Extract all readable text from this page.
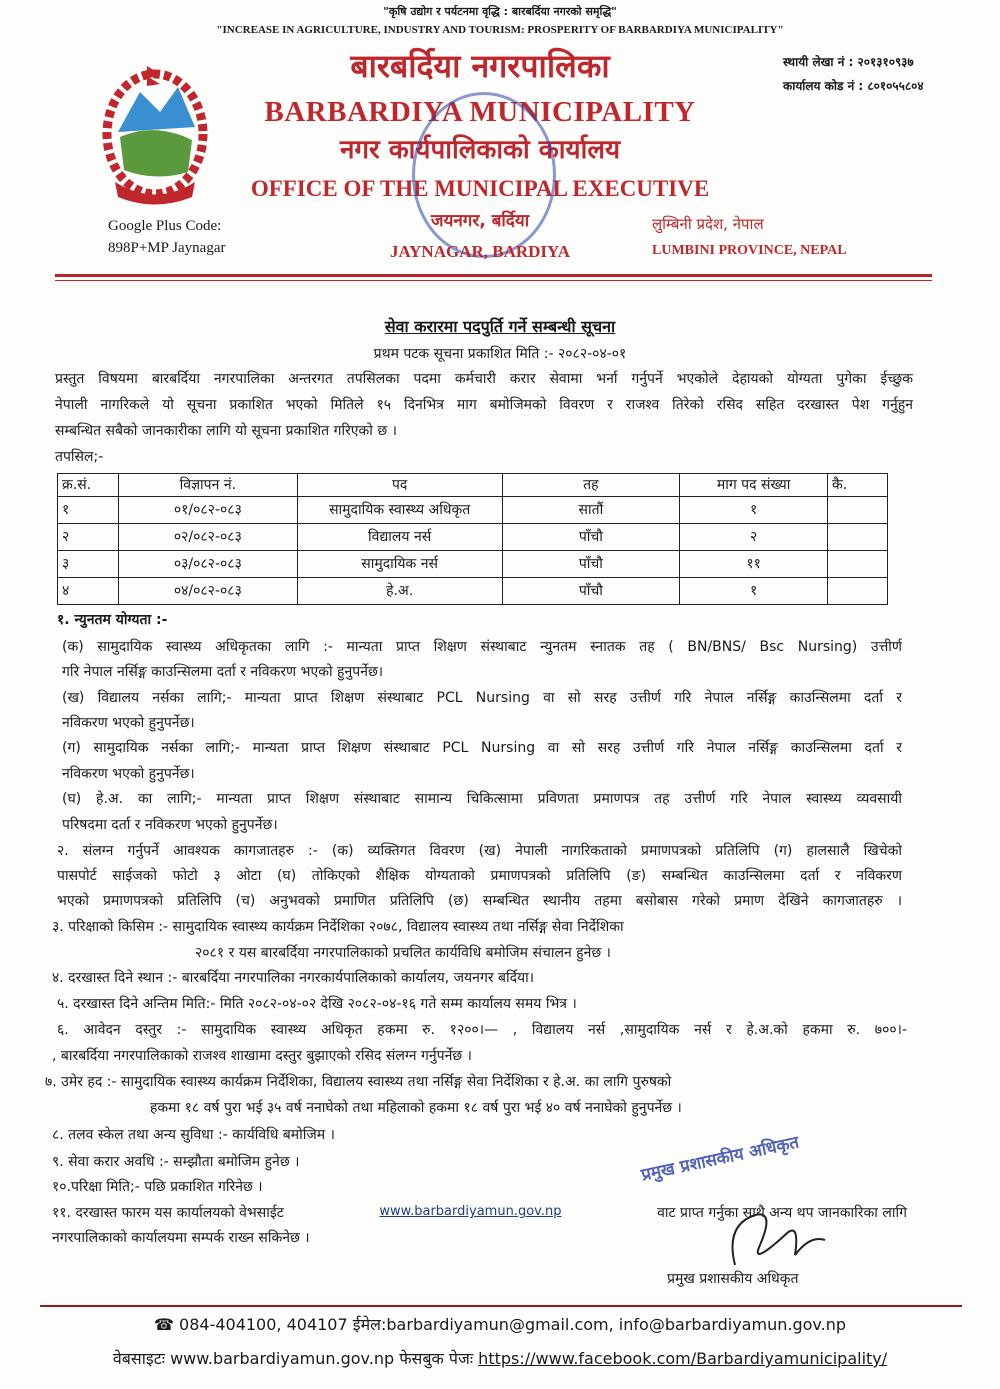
"कृषि उद्योग र पर्यटनमा वृद्धि : बारबर्दिया नगरको समृद्धि"
"INCREASE IN AGRICULTURE, INDUSTRY AND TOURISM: PROSPERITY OF BARBARDIYA MUNICIPALITY"
बारबर्दिया नगरपालिका
BARBARDIYA MUNICIPALITY
नगर कार्यपालिकाको कार्यालय
OFFICE OF THE MUNICIPAL EXECUTIVE
स्थायी लेखा नं : २०१३१०९३७
कार्यालय कोड नं : ८०१०५५८०४
Google Plus Code:
898P+MP Jaynagar
जयनगर, बर्दिया
JAYNAGAR, BARDIYA
लुम्बिनी प्रदेश, नेपाल
LUMBINI PROVINCE, NEPAL
सेवा करारमा पदपुर्ति गर्ने सम्बन्धी सूचना
प्रथम पटक सूचना प्रकाशित मिति :- २०८२-०४-०१
प्रस्तुत विषयमा बारबर्दिया नगरपालिका अन्तरगत तपसिलका पदमा कर्मचारी करार सेवामा भर्ना गर्नुपर्ने भएकोले देहायको योग्यता पुगेका ईच्छुक
नेपाली नागरिकले यो सूचना प्रकाशित भएको मितिले १५ दिनभित्र माग बमोजिमको विवरण र राजश्व तिरेको रसिद सहित दरखास्त पेश गर्नुहुन
सम्बन्धित सबैको जानकारीका लागि यो सूचना प्रकाशित गरिएको छ ।
तपसिल;-
क्र.सं.	विज्ञापन नं.	पद	तह	माग पद संख्या	कै.
१	०१/०८२-०८३	सामुदायिक स्वास्थ्य अधिकृत	सातौं	१	
२	०२/०८२-०८३	विद्यालय नर्स	पाँचौ	२	
३	०३/०८२-०८३	सामुदायिक नर्स	पाँचौ	११	
४	०४/०८२-०८३	हे.अ.	पाँचौ	१	
१. न्युनतम योग्यता :-
(क) सामुदायिक स्वास्थ्य अधिकृतका लागि :- मान्यता प्राप्त शिक्षण संस्थाबाट न्युनतम स्नातक तह ( BN/BNS/ Bsc Nursing) उत्तीर्ण
गरि नेपाल नर्सिङ्ग काउन्सिलमा दर्ता र नविकरण भएको हुनुपर्नेछ।
(ख) विद्यालय नर्सका लागि;- मान्यता प्राप्त शिक्षण संस्थाबाट PCL Nursing वा सो सरह उत्तीर्ण गरि नेपाल नर्सिङ्ग काउन्सिलमा दर्ता र
नविकरण भएको हुनुपर्नेछ।
(ग) सामुदायिक नर्सका लागि;- मान्यता प्राप्त शिक्षण संस्थाबाट PCL Nursing वा सो सरह उत्तीर्ण गरि नेपाल नर्सिङ्ग काउन्सिलमा दर्ता र
नविकरण भएको हुनुपर्नेछ।
(घ) हे.अ. का लागि;- मान्यता प्राप्त शिक्षण संस्थाबाट सामान्य चिकित्सामा प्रविणता प्रमाणपत्र तह उत्तीर्ण गरि नेपाल स्वास्थ्य व्यवसायी
परिषदमा दर्ता र नविकरण भएको हुनुपर्नेछ।
२. संलग्न गर्नुपर्ने आवश्यक कागजातहरु :- (क) व्यक्तिगत विवरण (ख) नेपाली नागरिकताको प्रमाणपत्रको प्रतिलिपि (ग) हालसालै खिचेको
पासपोर्ट साईजको फोटो ३ ओटा (घ) तोकिएको शैक्षिक योग्यताको प्रमाणपत्रको प्रतिलिपि (ङ) सम्बन्धित काउन्सिलमा दर्ता र नविकरण
भएको प्रमाणपत्रको प्रतिलिपि (च) अनुभवको प्रमाणित प्रतिलिपि (छ) सम्बन्धित स्थानीय तहमा बसोबास गरेको प्रमाण देखिने कागजातहरु ।
३. परिक्षाको किसिम :- सामुदायिक स्वास्थ्य कार्यक्रम निर्देशिका २०७८, विद्यालय स्वास्थ्य तथा नर्सिङ्ग सेवा निर्देशिका
२०८१ र यस बारबर्दिया नगरपालिकाको प्रचलित कार्यविधि बमोजिम संचालन हुनेछ ।
४. दरखास्त दिने स्थान :- बारबर्दिया नगरपालिका नगरकार्यपालिकाको कार्यालय, जयनगर बर्दिया।
५. दरखास्त दिने अन्तिम मिति:- मिति २०८२-०४-०२ देखि २०८२-०४-१६ गते सम्म कार्यालय समय भित्र ।
६. आवेदन दस्तुर :- सामुदायिक स्वास्थ्य अधिकृत हकमा रु. १२००।— , विद्यालय नर्स ,सामुदायिक नर्स र हे.अ.को हकमा रु. ७००।-
, बारबर्दिया नगरपालिकाको राजश्व शाखामा दस्तुर बुझाएको रसिद संलग्न गर्नुपर्नेछ ।
७. उमेर हद :- सामुदायिक स्वास्थ्य कार्यक्रम निर्देशिका, विद्यालय स्वास्थ्य तथा नर्सिङ्ग सेवा निर्देशिका र हे.अ. का लागि पुरुषको
हकमा १८ वर्ष पुरा भई ३५ वर्ष ननाघेको तथा महिलाको हकमा १८ वर्ष पुरा भई ४० वर्ष ननाघेको हुनुपर्नेछ ।
८. तलव स्केल तथा अन्य सुविधा :- कार्यविधि बमोजिम ।
९. सेवा करार अवधि :- सम्झौता बमोजिम हुनेछ ।
१०.परिक्षा मिति;- पछि प्रकाशित गरिनेछ ।
११. दरखास्त फारम यस कार्यालयको वेभसाईट	www.barbardiyamun.gov.np	वाट प्राप्त गर्नुका साथै अन्य थप जानकारिका लागि
नगरपालिकाको कार्यालयमा सम्पर्क राख्न सकिनेछ ।
प्रमुख प्रशासकीय अधिकृत
☎ 084-404100, 404107 ईमेल:barbardiyamun@gmail.com, info@barbardiyamun.gov.np
प्रमुख प्रशासकीय अधिकृत
वेबसाइटः www.barbardiyamun.gov.np फेसबुक पेजः https://www.facebook.com/Barbardiyamunicipality/
